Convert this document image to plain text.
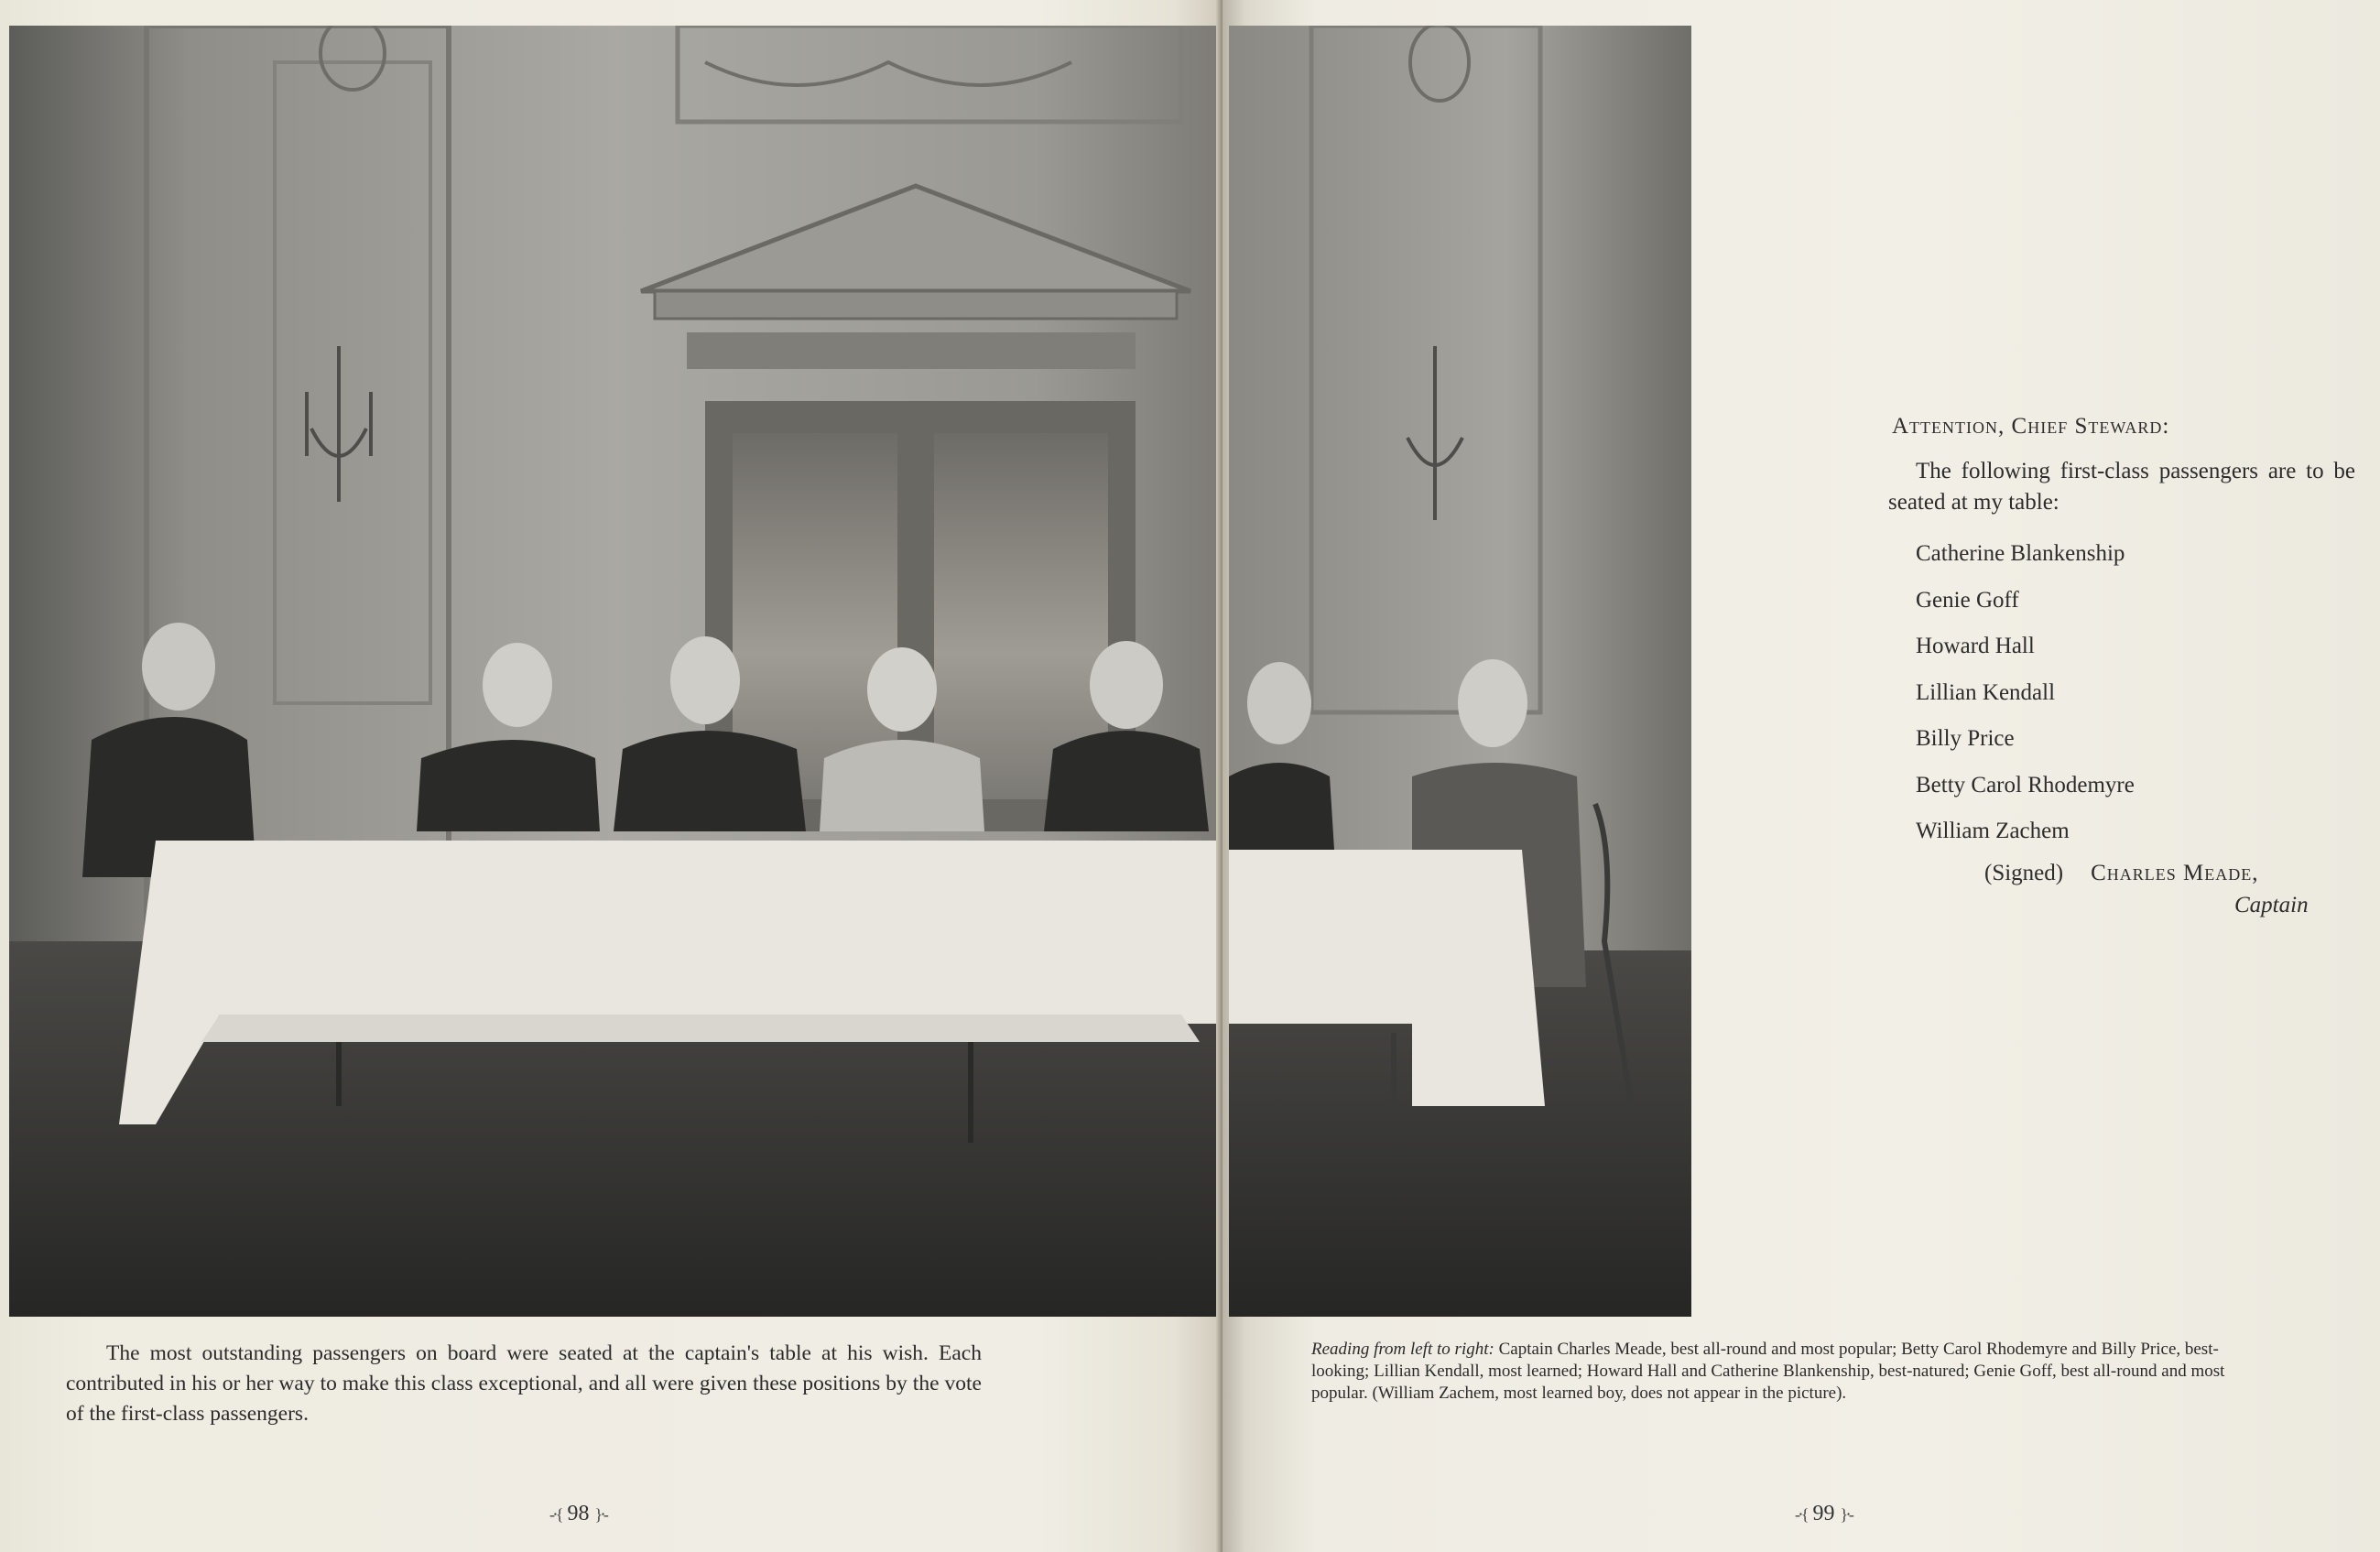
The most outstanding passengers on board were seated at the captain's table at his wish. Each contributed in his or her way to make this class exceptional, and all were given these positions by the vote of the first-class passengers.

-⸱{ 98 }⸱-

Attention, Chief Steward:

The following first-class passengers are to be seated at my table:

Catherine Blankenship
Genie Goff
Howard Hall
Lillian Kendall
Billy Price
Betty Carol Rhodemyre
William Zachem
(Signed) Charles Meade,
Captain

Reading from left to right: Captain Charles Meade, best all-round and most popular; Betty Carol Rhodemyre and Billy Price, best-looking; Lillian Kendall, most learned; Howard Hall and Catherine Blankenship, best-natured; Genie Goff, best all-round and most popular. (William Zachem, most learned boy, does not appear in the picture).

-⸱{ 99 }⸱-
